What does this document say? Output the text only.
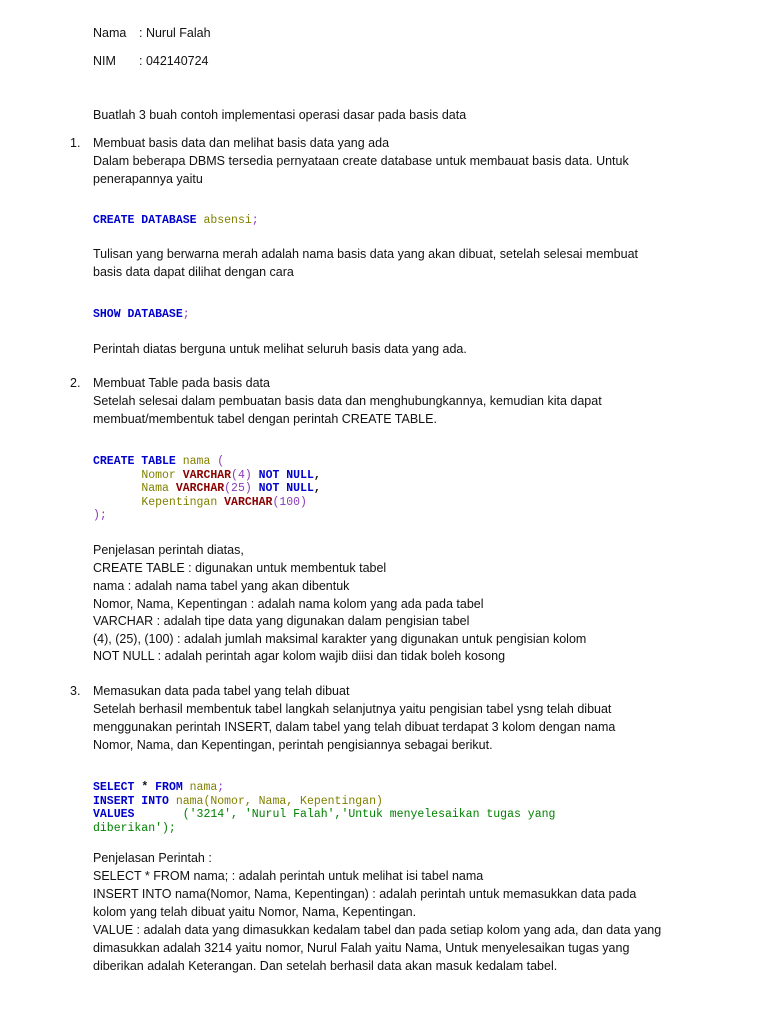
Nama : Nurul Falah
NIM : 042140724

Buatlah 3 buah contoh implementasi operasi dasar pada basis data

1. Membuat basis data dan melihat basis data yang ada

Dalam beberapa DBMS tersedia pernyataan create database untuk membauat basis data. Untuk

penerapannya yaitu

CREATE DATABASE absensi;

Tulisan yang berwarna merah adalah nama basis data yang akan dibuat, setelah selesai membuat

basis data dapat dilihat dengan cara

SHOW DATABASE;

Perintah diatas berguna untuk melihat seluruh basis data yang ada.

2. Membuat Table pada basis data

Setelah selesai dalam pembuatan basis data dan menghubungkannya, kemudian kita dapat

membuat/membentuk tabel dengan perintah CREATE TABLE.

CREATE TABLE nama (
Nomor VARCHAR(4) NOT NULL,
Nama VARCHAR(25) NOT NULL,
Kepentingan VARCHAR(100)
);

Penjelasan perintah diatas,

CREATE TABLE : digunakan untuk membentuk tabel

nama : adalah nama tabel yang akan dibentuk

Nomor, Nama, Kepentingan : adalah nama kolom yang ada pada tabel

VARCHAR : adalah tipe data yang digunakan dalam pengisian tabel

(4), (25), (100) : adalah jumlah maksimal karakter yang digunakan untuk pengisian kolom

NOT NULL : adalah perintah agar kolom wajib diisi dan tidak boleh kosong

3. Memasukan data pada tabel yang telah dibuat

Setelah berhasil membentuk tabel langkah selanjutnya yaitu pengisian tabel ysng telah dibuat

menggunakan perintah INSERT, dalam tabel yang telah dibuat terdapat 3 kolom dengan nama

Nomor, Nama, dan Kepentingan, perintah pengisiannya sebagai berikut.

SELECT * FROM nama;
INSERT INTO nama(Nomor, Nama, Kepentingan)
VALUES	('3214', 'Nurul Falah','Untuk menyelesaikan tugas yang
diberikan');

Penjelasan Perintah :

SELECT * FROM nama; : adalah perintah untuk melihat isi tabel nama

INSERT INTO nama(Nomor, Nama, Kepentingan) : adalah perintah untuk memasukkan data pada

kolom yang telah dibuat yaitu Nomor, Nama, Kepentingan.

VALUE : adalah data yang dimasukkan kedalam tabel dan pada setiap kolom yang ada, dan data yang

dimasukkan adalah 3214 yaitu nomor, Nurul Falah yaitu Nama, Untuk menyelesaikan tugas yang

diberikan adalah Keterangan. Dan setelah berhasil data akan masuk kedalam tabel.
